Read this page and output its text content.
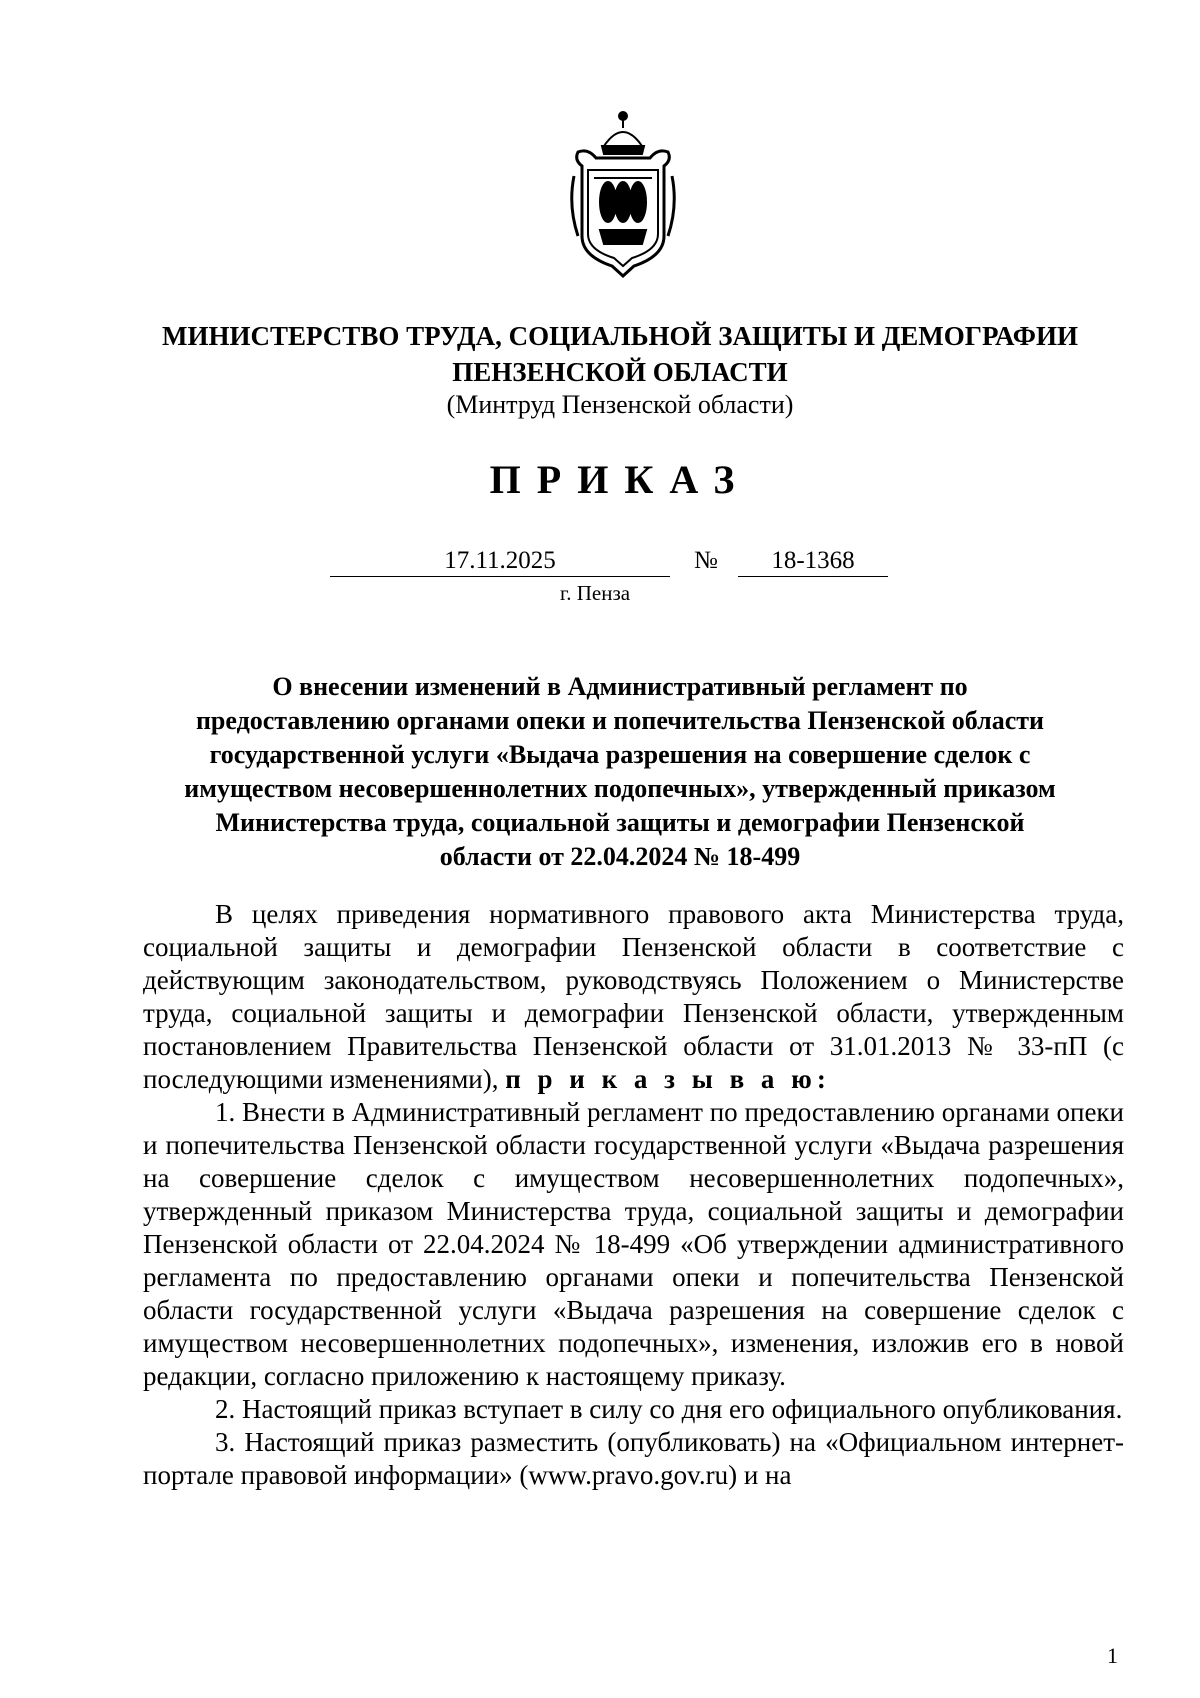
МИНИСТЕРСТВО ТРУДА, СОЦИАЛЬНОЙ ЗАЩИТЫ И ДЕМОГРАФИИ
ПЕНЗЕНСКОЙ ОБЛАСТИ
(Минтруд Пензенской области)
ПРИКАЗ
17.11.2025	№	18-1368
г. Пенза
О внесении изменений в Административный регламент по
предоставлению органами опеки и попечительства Пензенской области
государственной услуги «Выдача разрешения на совершение сделок с
имуществом несовершеннолетних подопечных», утвержденный приказом
Министерства труда, социальной защиты и демографии Пензенской
области от 22.04.2024 № 18-499

В целях приведения нормативного правового акта Министерства труда, социальной защиты и демографии Пензенской области в соответствие с действующим законодательством, руководствуясь Положением о Министерстве труда, социальной защиты и демографии Пензенской области, утвержденным постановлением Правительства Пензенской области от 31.01.2013 № 33-пП (с последующими изменениями), п р и к а з ы в а ю:

1. Внести в Административный регламент по предоставлению органами опеки и попечительства Пензенской области государственной услуги «Выдача разрешения на совершение сделок с имуществом несовершеннолетних подопечных», утвержденный приказом Министерства труда, социальной защиты и демографии Пензенской области от 22.04.2024 № 18-499 «Об утверждении административного регламента по предоставлению органами опеки и попечительства Пензенской области государственной услуги «Выдача разрешения на совершение сделок с имуществом несовершеннолетних подопечных», изменения, изложив его в новой редакции, согласно приложению к настоящему приказу.

2. Настоящий приказ вступает в силу со дня его официального опубликования.

3. Настоящий приказ разместить (опубликовать) на «Официальном интернет-портале правовой информации» (www.pravo.gov.ru) и на

1
